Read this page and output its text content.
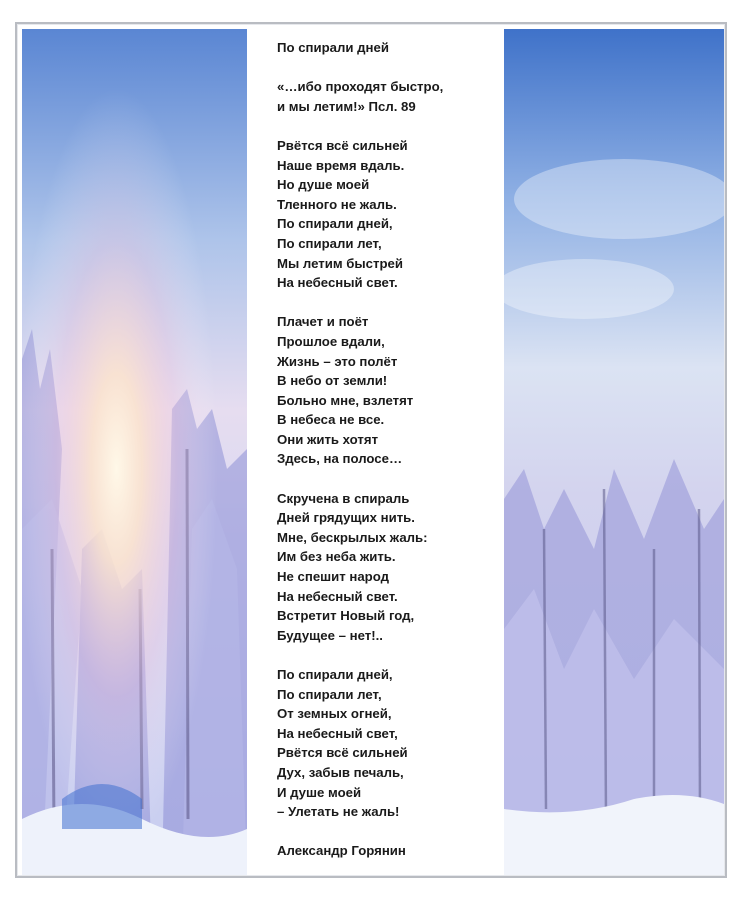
По спирали дней
«…ибо проходят быстро,
и мы летим!» Псл. 89
Рвётся всё сильней
Наше время вдаль.
Но душе моей
Тленного не жаль.
По спирали дней,
По спирали лет,
Мы летим быстрей
На небесный свет.
Плачет и поёт
Прошлое вдали,
Жизнь – это полёт
В небо от земли!
Больно мне, взлетят
В небеса не все.
Они жить хотят
Здесь, на полосе…
Скручена в спираль
Дней грядущих нить.
Мне, бескрылых жаль:
Им без неба жить.
Не спешит народ
На небесный свет.
Встретит Новый год,
Будущее – нет!..
По спирали дней,
По спирали лет,
От земных огней,
На небесный свет,
Рвётся всё сильней
Дух, забыв печаль,
И душе моей
– Улетать не жаль!
Александр Горянин
